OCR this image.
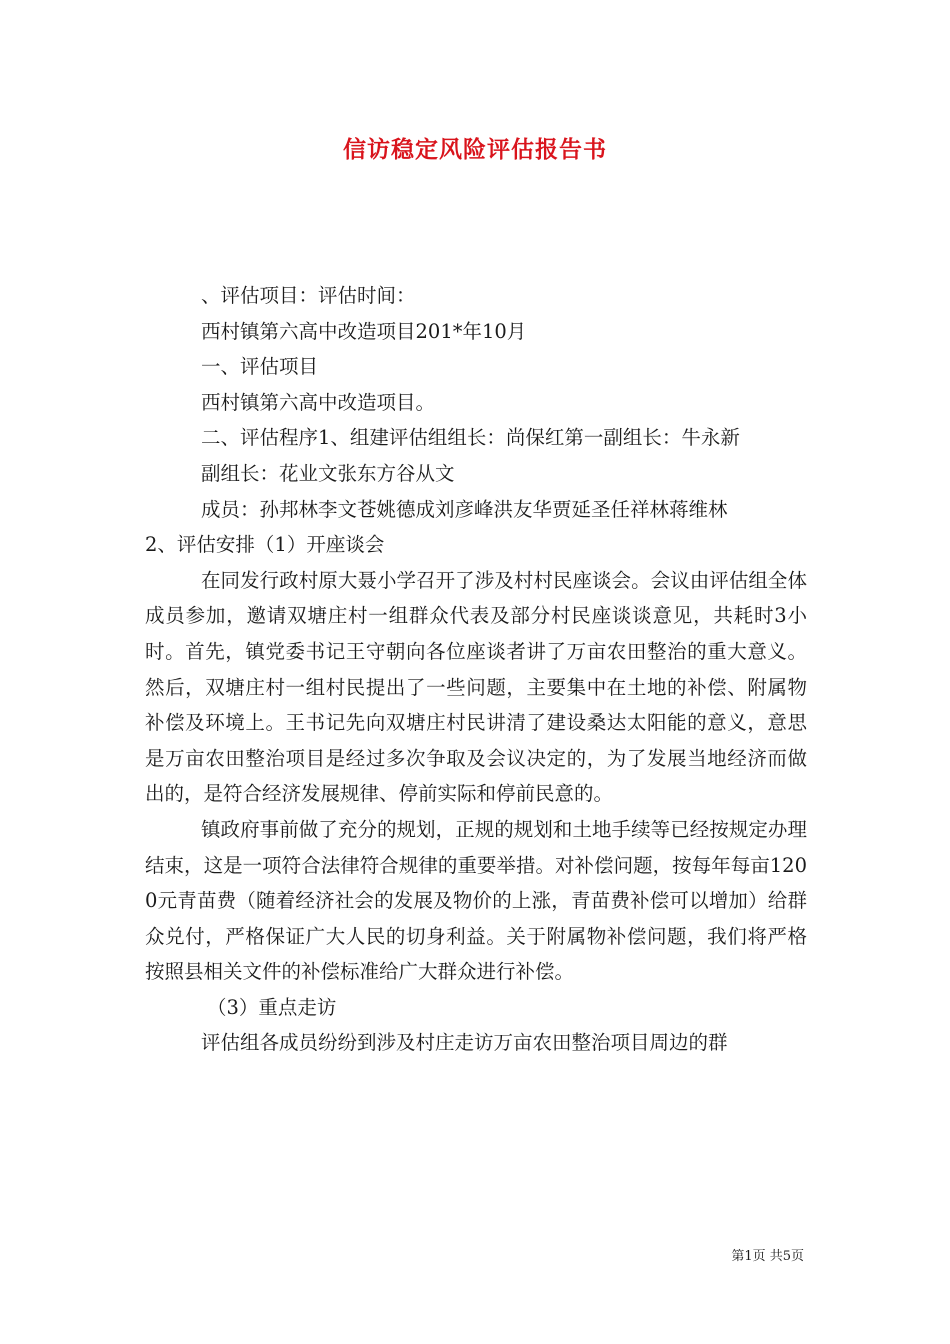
信访稳定风险评估报告书

、评估项目：评估时间：

西村镇第六高中改造项目201*年10月

一、评估项目

西村镇第六高中改造项目。

二、评估程序1、组建评估组组长：尚保红第一副组长：牛永新

副组长：花业文张东方谷从文

成员：孙邦林李文苍姚德成刘彦峰洪友华贾延圣任祥林蒋维林

2、评估安排（1）开座谈会

在同发行政村原大聂小学召开了涉及村村民座谈会。会议由评估组全体成员参加，邀请双塘庄村一组群众代表及部分村民座谈谈意见，共耗时3小时。首先，镇党委书记王守朝向各位座谈者讲了万亩农田整治的重大意义。然后，双塘庄村一组村民提出了一些问题，主要集中在土地的补偿、附属物补偿及环境上。王书记先向双塘庄村民讲清了建设桑达太阳能的意义，意思是万亩农田整治项目是经过多次争取及会议决定的，为了发展当地经济而做出的，是符合经济发展规律、停前实际和停前民意的。

镇政府事前做了充分的规划，正规的规划和土地手续等已经按规定办理结束，这是一项符合法律符合规律的重要举措。对补偿问题，按每年每亩1200元青苗费（随着经济社会的发展及物价的上涨，青苗费补偿可以增加）给群众兑付，严格保证广大人民的切身利益。关于附属物补偿问题，我们将严格按照县相关文件的补偿标准给广大群众进行补偿。

（3）重点走访

评估组各成员纷纷到涉及村庄走访万亩农田整治项目周边的群

第1页 共5页
